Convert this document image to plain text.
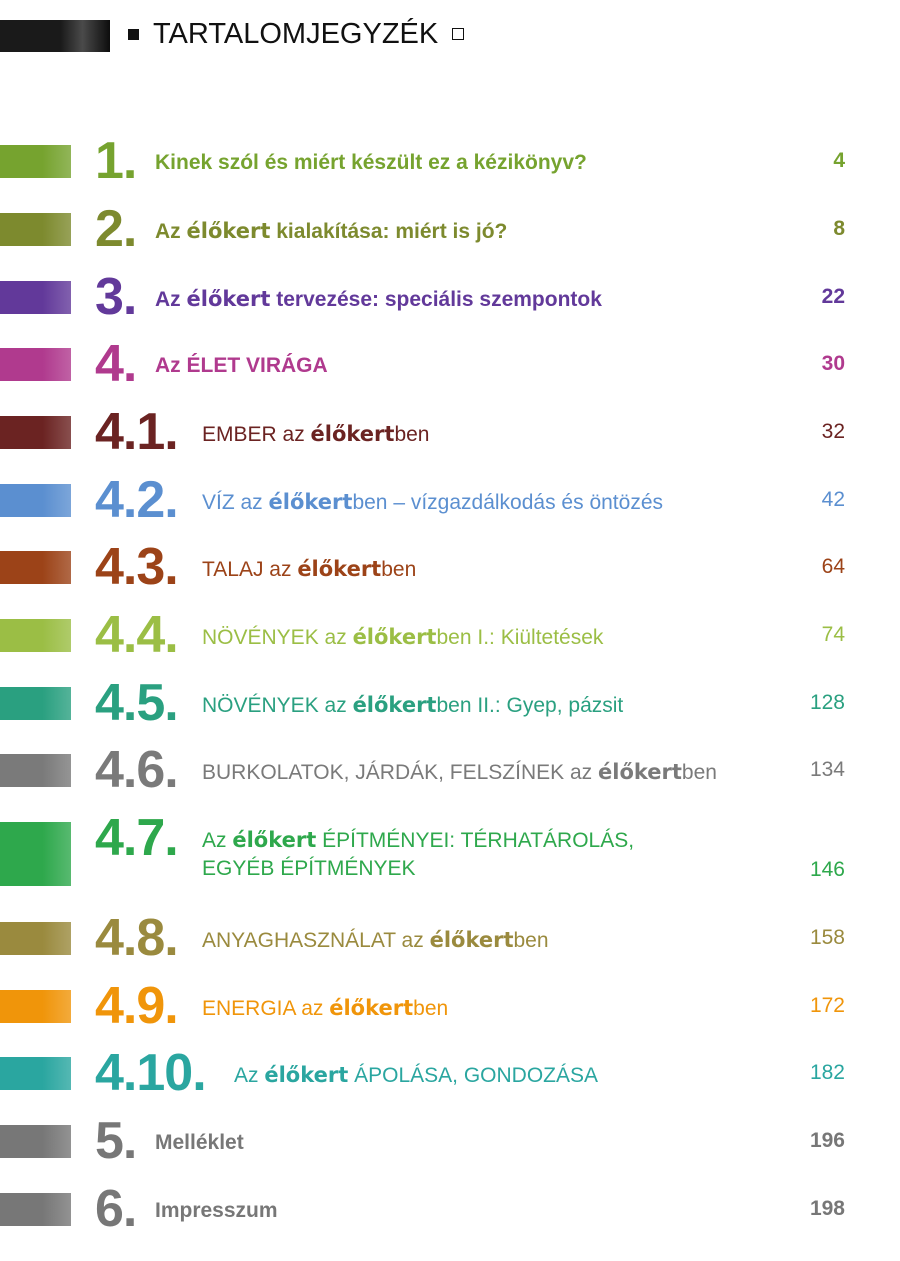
TARTALOMJEGYZÉK
1. Kinek szól és miért készült ez a kézikönyv?	4
2. Az élőkert kialakítása: miért is jó?	8
3. Az élőkert tervezése: speciális szempontok	22
4. Az ÉLET VIRÁGA	30
4.1. EMBER az élőkertben	32
4.2. VÍZ az élőkertben – vízgazdálkodás és öntözés	42
4.3. TALAJ az élőkertben	64
4.4. NÖVÉNYEK az élőkertben I.: Kiültetések	74
4.5. NÖVÉNYEK az élőkertben II.: Gyep, pázsit	128
4.6. BURKOLATOK, JÁRDÁK, FELSZÍNEK az élőkertben	134
4.7. Az élőkert ÉPÍTMÉNYEI: TÉRHATÁROLÁS,
EGYÉB ÉPÍTMÉNYEK	146
4.8. ANYAGHASZNÁLAT az élőkertben	158
4.9. ENERGIA az élőkertben	172
4.10. Az élőkert ÁPOLÁSA, GONDOZÁSA	182
5. Melléklet	196
6. Impresszum	198
